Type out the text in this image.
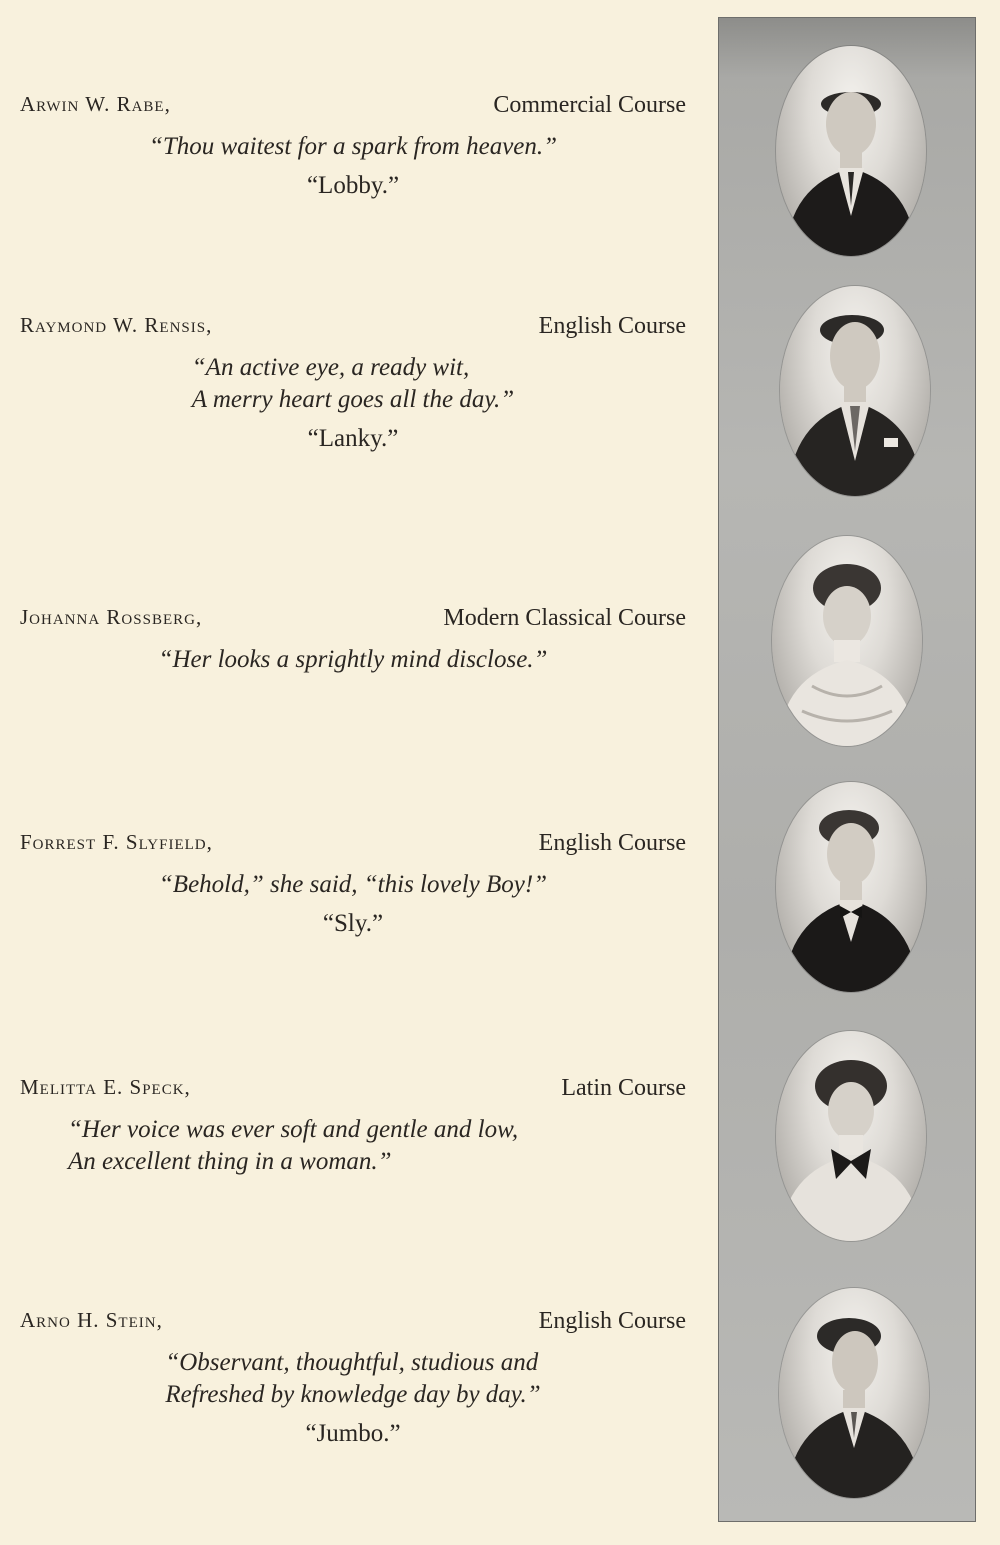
Arwin W. Rabe,	Commercial Course
“Thou waitest for a spark from heaven.”
“Lobby.”
Raymond W. Rensis,	English Course
“An active eye, a ready wit,
A merry heart goes all the day.”
“Lanky.”
Johanna Rossberg,	Modern Classical Course
“Her looks a sprightly mind disclose.”
Forrest F. Slyfield,	English Course
“Behold,” she said, “this lovely Boy!”
“Sly.”
Melitta E. Speck,	Latin Course
“Her voice was ever soft and gentle and low,
An excellent thing in a woman.”
Arno H. Stein,	English Course
“Observant, thoughtful, studious and
Refreshed by knowledge day by day.”
“Jumbo.”
